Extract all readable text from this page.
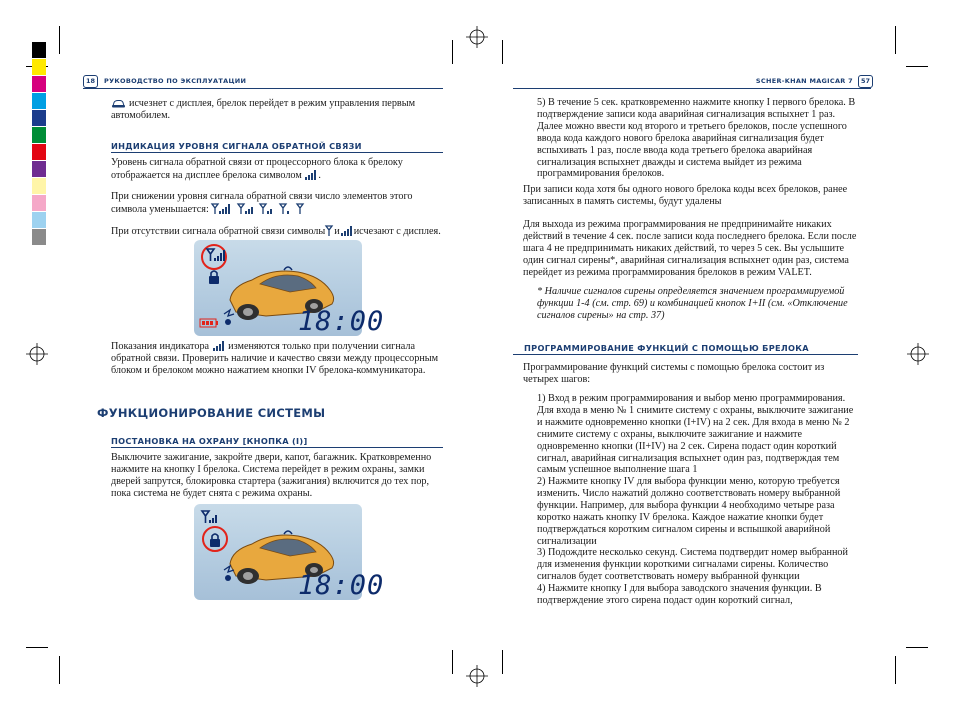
18	РУКОВОДСТВО ПО ЭКСПЛУАТАЦИИ	SCHER-KHAN MAGICAR 7	57
исчезнет с дисплея, брелок перейдет в режим управления первым автомобилем.
ИНДИКАЦИЯ УРОВНЯ СИГНАЛА ОБРАТНОЙ СВЯЗИ
Уровень сигнала обратной связи от процессорного блока к брелоку отображается на дисплее брелока символом .
При снижении уровня сигнала обратной связи число элементов этого символа уменьшается:
При отсутствии сигнала обратной связи символы и исчезают с дисплея.
18:00
Показания индикатора изменяются только при получении сигнала обратной связи. Проверить наличие и качество связи между процессорным блоком и брелоком можно нажатием кнопки IV брелока-коммуникатора.
ФУНКЦИОНИРОВАНИЕ СИСТЕМЫ
ПОСТАНОВКА НА ОХРАНУ [КНОПКА (I)]
Выключите зажигание, закройте двери, капот, багажник. Кратковременно нажмите на кнопку I брелока. Система перейдет в режим охраны, замки дверей запрутся, блокировка стартера (зажигания) включится до тех пор, пока система не будет снята с режима охраны.
18:00
5) В течение 5 сек. кратковременно нажмите кнопку I первого брелока. В подтверждение записи кода аварийная сигнализация вспыхнет 1 раз. Далее можно ввести код второго и третьего брелоков, после успешного ввода кода каждого нового брелока аварийная сигнализация будет вспыхивать 1 раз, после ввода кода третьего брелока аварийная сигнализация вспыхнет дважды и система выйдет из режима программирования брелоков.
При записи кода хотя бы одного нового брелока коды всех брелоков, ранее записанных в память системы, будут удалены
Для выхода из режима программирования не предпринимайте никаких действий в течение 4 сек. после записи кода последнего брелока. Если после шага 4 не предпринимать никаких действий, то через 5 сек. Вы услышите один сигнал сирены*, аварийная сигнализация вспыхнет один раз, система перейдет из режима программирования брелоков в режим VALET.
* Наличие сигналов сирены определяется значением программируемой функции 1-4 (см. стр. 69) и комбинацией кнопок I+II (см. «Отключение сигналов сирены» на стр. 37)
ПРОГРАММИРОВАНИЕ ФУНКЦИЙ С ПОМОЩЬЮ БРЕЛОКА
Программирование функций системы с помощью брелока состоит из четырех шагов:
1) Вход в режим программирования и выбор меню программирования. Для входа в меню № 1 снимите систему с охраны, выключите зажигание и нажмите одновременно кнопки (I+IV) на 2 сек. Для входа в меню № 2 снимите систему с охраны, выключите зажигание и нажмите одновременно кнопки (II+IV) на 2 сек. Сирена подаст один короткий сигнал, аварийная сигнализация вспыхнет один раз, подтверждая тем самым успешное выполнение шага 1
2) Нажмите кнопку IV для выбора функции меню, которую требуется изменить. Число нажатий должно соответствовать номеру выбранной функции. Например, для выбора функции 4 необходимо четыре раза коротко нажать кнопку IV брелока. Каждое нажатие кнопки будет подтверждаться коротким сигналом сирены и вспышкой аварийной сигнализации
3) Подождите несколько секунд. Система подтвердит номер выбранной для изменения функции короткими сигналами сирены. Количество сигналов будет соответствовать номеру выбранной функции
4) Нажмите кнопку I для выбора заводского значения функции. В подтверждение этого сирена подаст один короткий сигнал,
